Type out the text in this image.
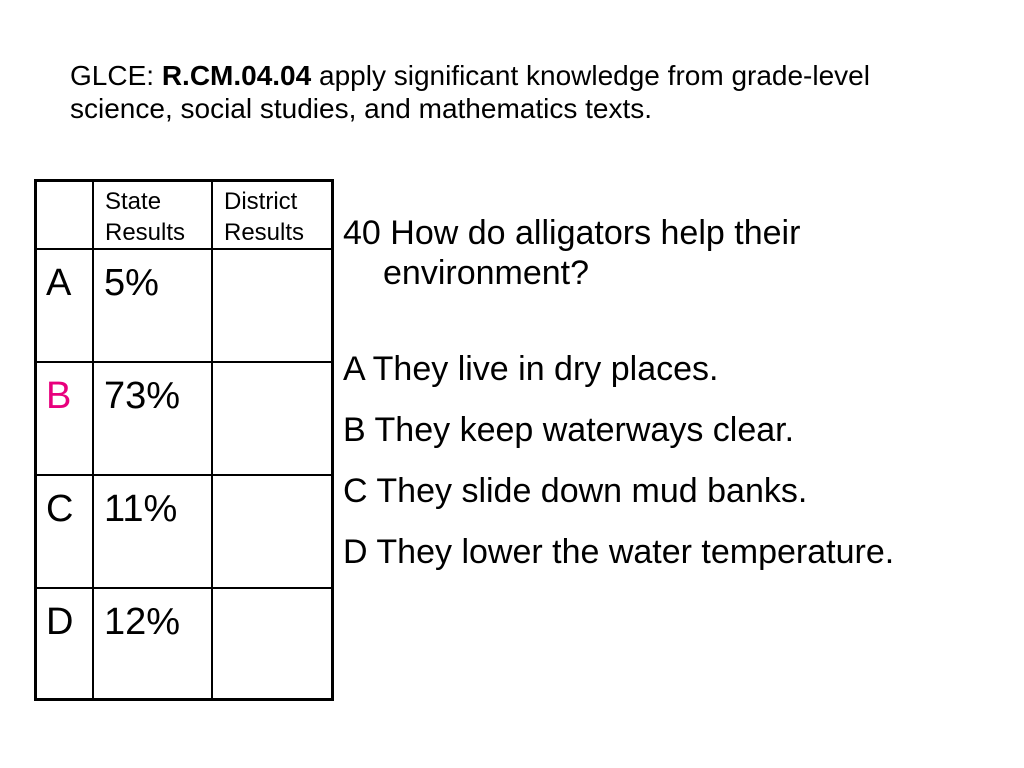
GLCE: R.CM.04.04 apply significant knowledge from grade-level
science, social studies, and mathematics texts.
State Results
District Results
A 5%
B 73%
C 11%
D 12%
40 How do alligators help their environment?
A They live in dry places.
B They keep waterways clear.
C They slide down mud banks.
D They lower the water temperature.
